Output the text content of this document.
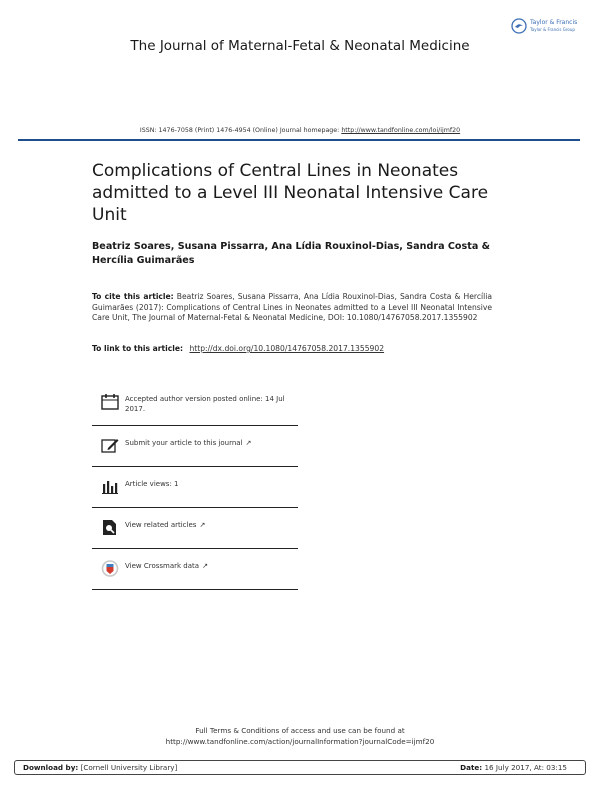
Taylor & Francis
Taylor & Francis Group
The Journal of Maternal-Fetal & Neonatal Medicine
ISSN: 1476-7058 (Print) 1476-4954 (Online) Journal homepage: http://www.tandfonline.com/loi/ijmf20
Complications of Central Lines in Neonates admitted to a Level III Neonatal Intensive Care Unit
Beatriz Soares, Susana Pissarra, Ana Lídia Rouxinol-Dias, Sandra Costa & Hercília Guimarães
To cite this article: Beatriz Soares, Susana Pissarra, Ana Lídia Rouxinol-Dias, Sandra Costa & Hercília Guimarães (2017): Complications of Central Lines in Neonates admitted to a Level III Neonatal Intensive Care Unit, The Journal of Maternal-Fetal & Neonatal Medicine, DOI: 10.1080/14767058.2017.1355902
To link to this article: http://dx.doi.org/10.1080/14767058.2017.1355902
Accepted author version posted online: 14 Jul 2017.
Submit your article to this journal ↗
Article views: 1
View related articles ↗
View Crossmark data ↗
Full Terms & Conditions of access and use can be found at
http://www.tandfonline.com/action/journalInformation?journalCode=ijmf20
Download by: [Cornell University Library]	Date: 16 July 2017, At: 03:15
